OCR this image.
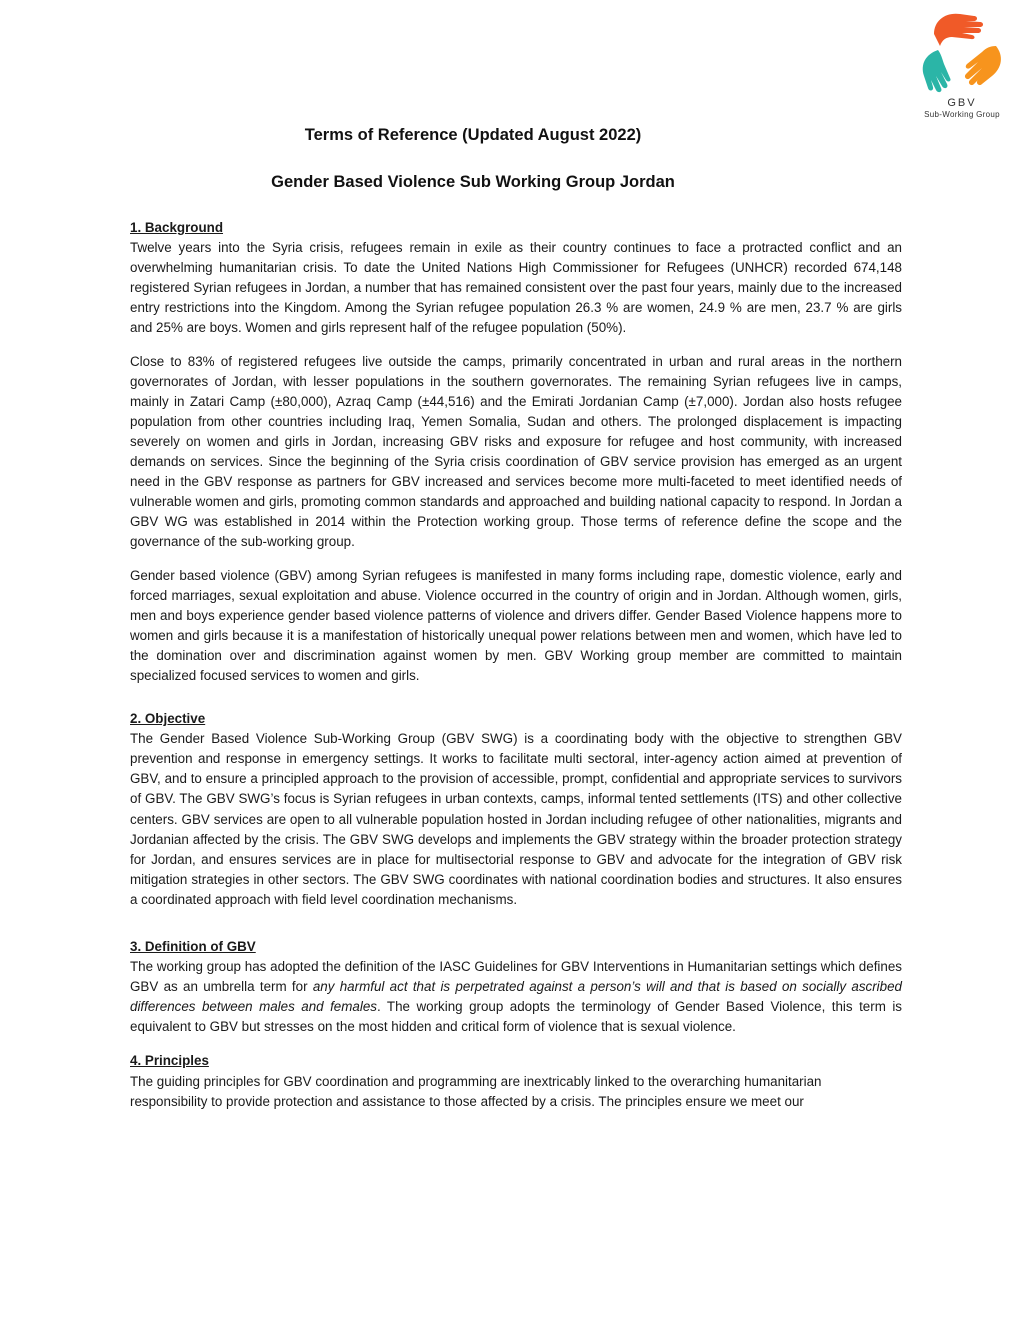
GBV
Sub-Working Group
Terms of Reference (Updated August 2022)
Gender Based Violence Sub Working Group Jordan
1. Background

Twelve years into the Syria crisis, refugees remain in exile as their country continues to face a protracted conflict and an overwhelming humanitarian crisis. To date the United Nations High Commissioner for Refugees (UNHCR) recorded 674,148 registered Syrian refugees in Jordan, a number that has remained consistent over the past four years, mainly due to the increased entry restrictions into the Kingdom. Among the Syrian refugee population 26.3 % are women, 24.9 % are men, 23.7 % are girls and 25% are boys. Women and girls represent half of the refugee population (50%).

Close to 83% of registered refugees live outside the camps, primarily concentrated in urban and rural areas in the northern governorates of Jordan, with lesser populations in the southern governorates. The remaining Syrian refugees live in camps, mainly in Zatari Camp (±80,000), Azraq Camp (±44,516) and the Emirati Jordanian Camp (±7,000). Jordan also hosts refugee population from other countries including Iraq, Yemen Somalia, Sudan and others. The prolonged displacement is impacting severely on women and girls in Jordan, increasing GBV risks and exposure for refugee and host community, with increased demands on services. Since the beginning of the Syria crisis coordination of GBV service provision has emerged as an urgent need in the GBV response as partners for GBV increased and services become more multi-faceted to meet identified needs of vulnerable women and girls, promoting common standards and approached and building national capacity to respond. In Jordan a GBV WG was established in 2014 within the Protection working group. Those terms of reference define the scope and the governance of the sub-working group.

Gender based violence (GBV) among Syrian refugees is manifested in many forms including rape, domestic violence, early and forced marriages, sexual exploitation and abuse. Violence occurred in the country of origin and in Jordan. Although women, girls, men and boys experience gender based violence patterns of violence and drivers differ. Gender Based Violence happens more to women and girls because it is a manifestation of historically unequal power relations between men and women, which have led to the domination over and discrimination against women by men. GBV Working group member are committed to maintain specialized focused services to women and girls.

2. Objective

The Gender Based Violence Sub-Working Group (GBV SWG) is a coordinating body with the objective to strengthen GBV prevention and response in emergency settings. It works to facilitate multi sectoral, inter-agency action aimed at prevention of GBV, and to ensure a principled approach to the provision of accessible, prompt, confidential and appropriate services to survivors of GBV. The GBV SWG’s focus is Syrian refugees in urban contexts, camps, informal tented settlements (ITS) and other collective centers. GBV services are open to all vulnerable population hosted in Jordan including refugee of other nationalities, migrants and Jordanian affected by the crisis. The GBV SWG develops and implements the GBV strategy within the broader protection strategy for Jordan, and ensures services are in place for multisectorial response to GBV and advocate for the integration of GBV risk mitigation strategies in other sectors. The GBV SWG coordinates with national coordination bodies and structures. It also ensures a coordinated approach with field level coordination mechanisms.

3. Definition of GBV

The working group has adopted the definition of the IASC Guidelines for GBV Interventions in Humanitarian settings which defines GBV as an umbrella term for any harmful act that is perpetrated against a person’s will and that is based on socially ascribed differences between males and females. The working group adopts the terminology of Gender Based Violence, this term is equivalent to GBV but stresses on the most hidden and critical form of violence that is sexual violence.

4. Principles

The guiding principles for GBV coordination and programming are inextricably linked to the overarching humanitarian responsibility to provide protection and assistance to those affected by a crisis. The principles ensure we meet our
